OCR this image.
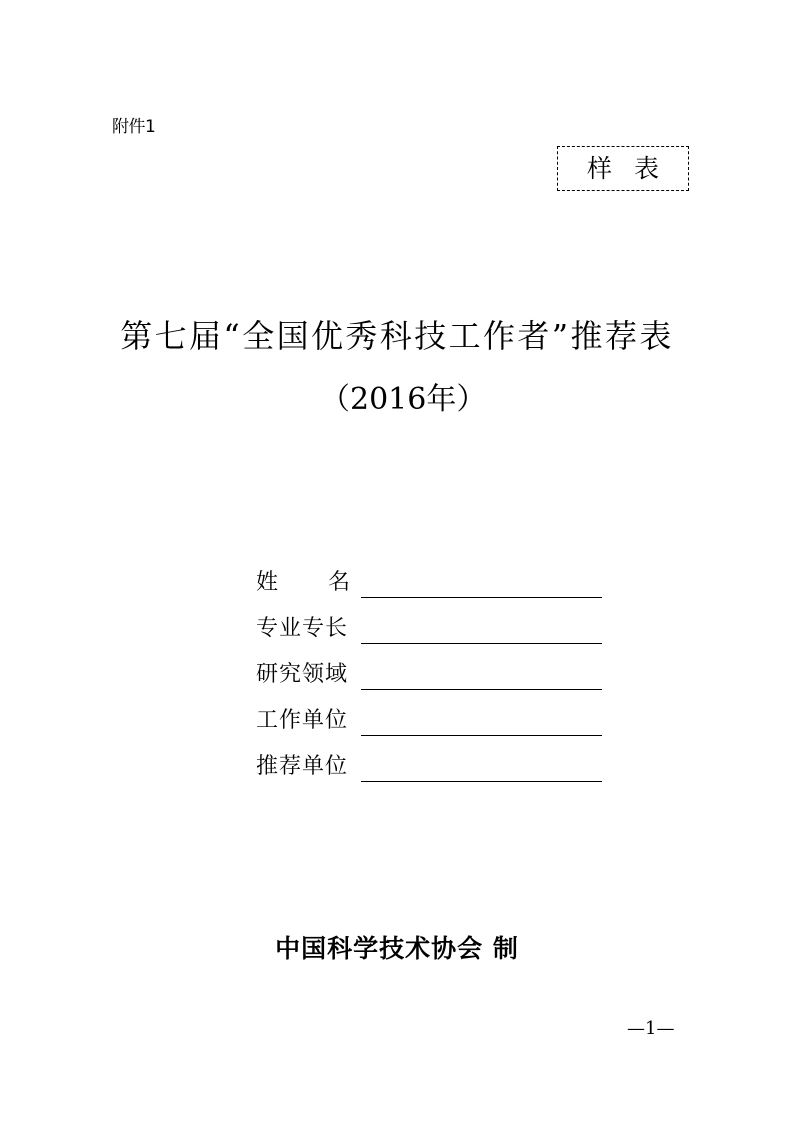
附件1
样表
第七届“全国优秀科技工作者”推荐表
（2016年）
姓 名
专业专长
研究领域
工作单位
推荐单位
中国科学技术协会 制
—1—
